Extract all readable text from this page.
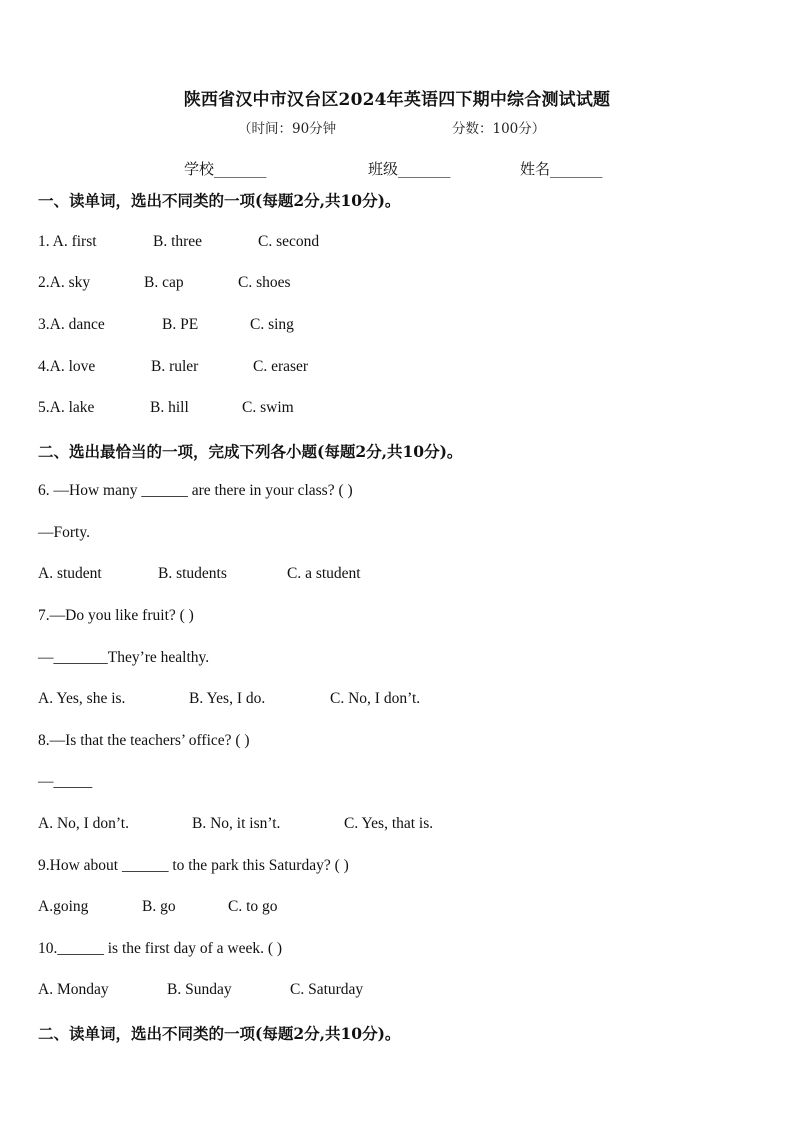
陕西省汉中市汉台区2024年英语四下期中综合测试试题
（时间：90分钟	分数：100分）
学校_______	班级_______	姓名_______
一、读单词，选出不同类的一项(每题2分,共10分)。
1. A. first	B. three	C. second
2.A. sky	B. cap	C. shoes
3.A. dance	B. PE	C. sing
4.A. love	B. ruler	C. eraser
5.A. lake	B. hill	C. swim
二、选出最恰当的一项，完成下列各小题(每题2分,共10分)。
6. —How many ______ are there in your class? ( )
—Forty.
A. student	B. students	C. a student
7.—Do you like fruit? ( )
—_______They’re healthy.
A. Yes, she is.	B. Yes, I do.	C. No, I don’t.
8.—Is that the teachers’ office? ( )
—_____
A. No, I don’t.	B. No, it isn’t.	C. Yes, that is.
9.How about ______ to the park this Saturday? ( )
A.going	B. go	C. to go
10.______ is the first day of a week. ( )
A. Monday	B. Sunday	C. Saturday
二、读单词，选出不同类的一项(每题2分,共10分)。
